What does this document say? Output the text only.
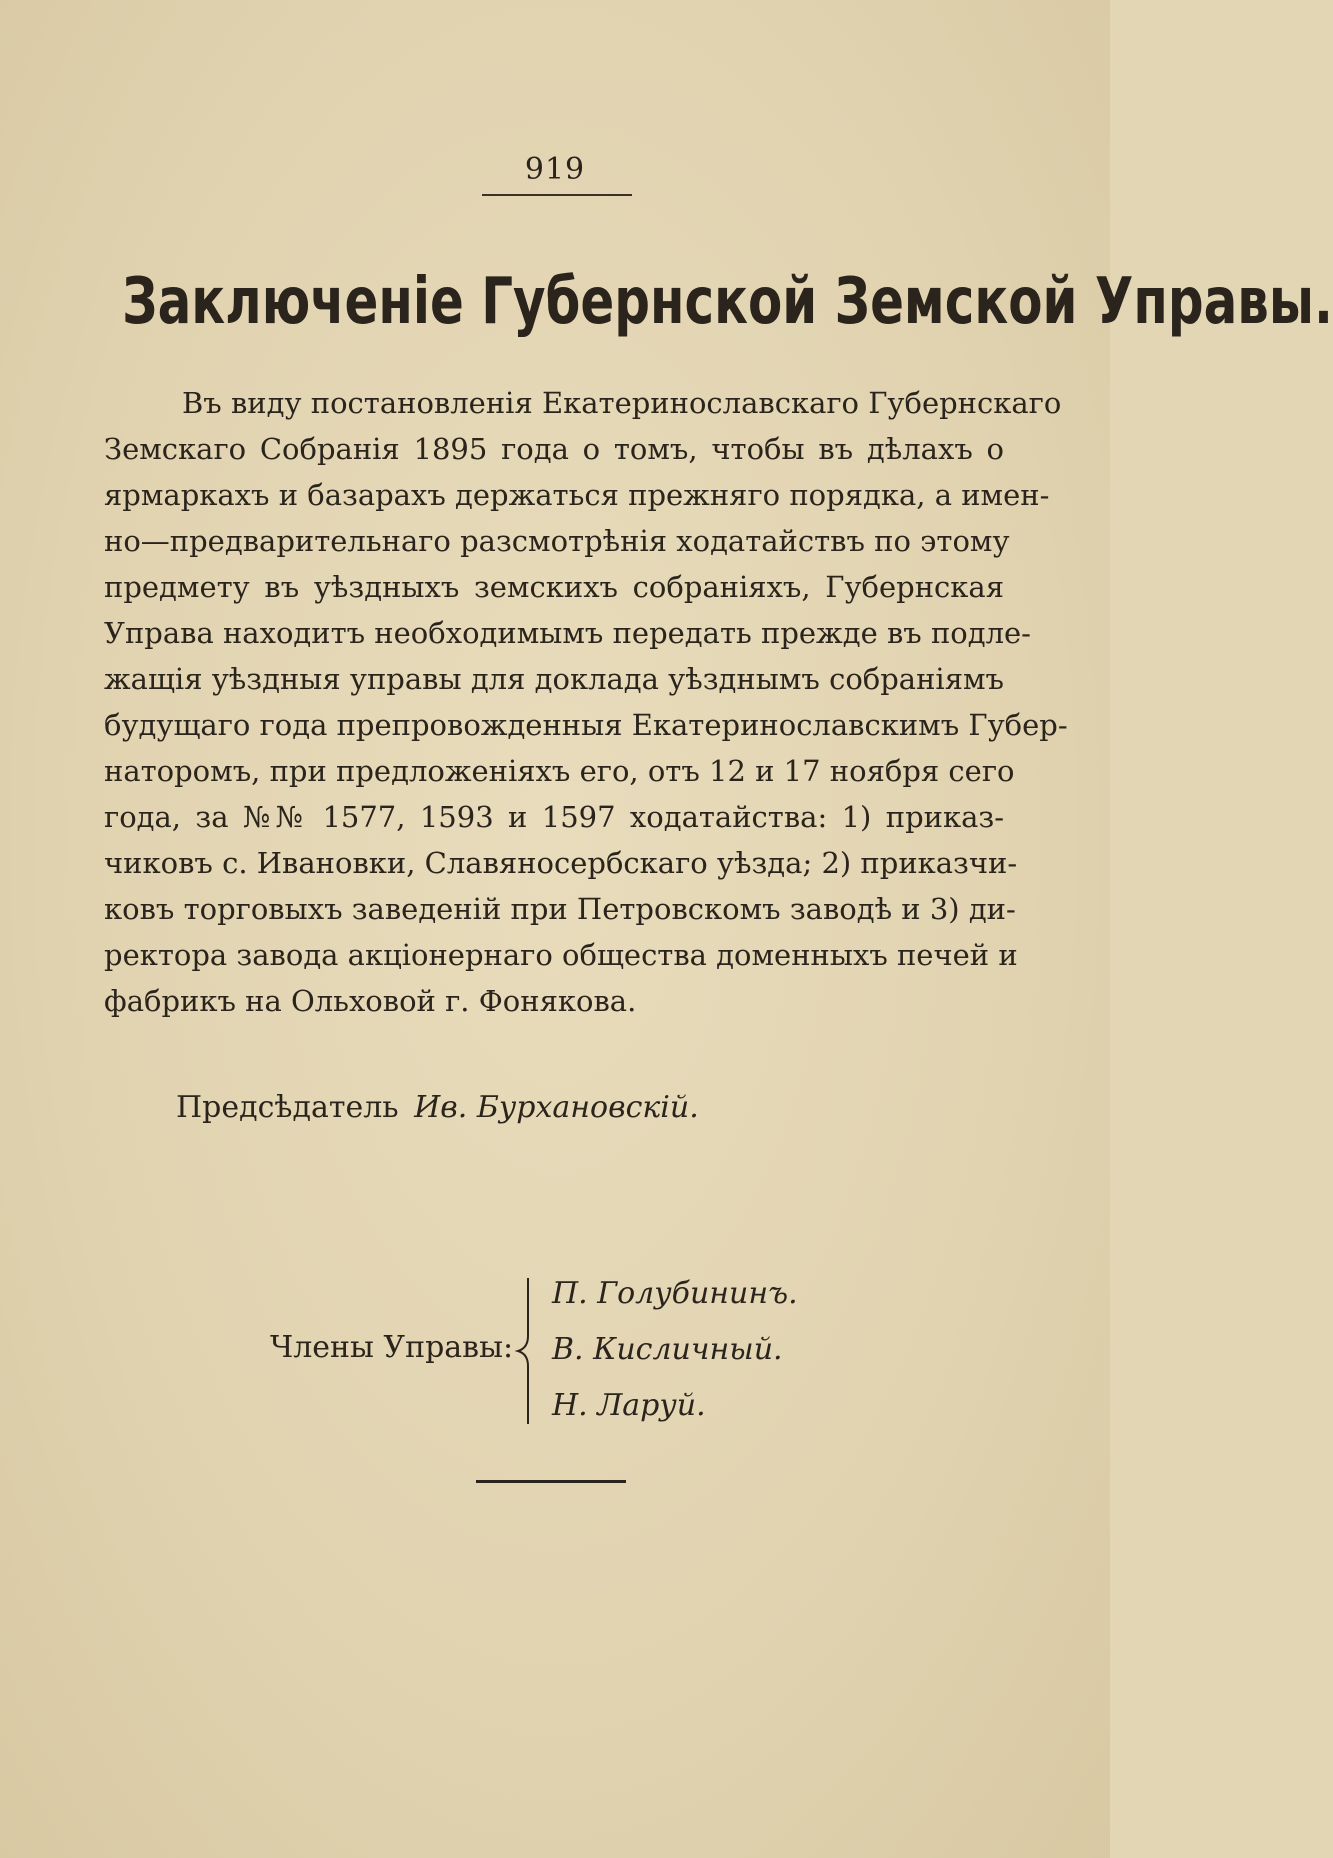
919
Заключеніе Губернской Земской Управы.
Въ виду постановленія Екатеринославскаго Губернскаго
Земскаго Собранія 1895 года о томъ, чтобы въ дѣлахъ о
ярмаркахъ и базарахъ держаться прежняго порядка, а имен-
но—предварительнаго разсмотрѣнія ходатайствъ по этому
предмету въ уѣздныхъ земскихъ собраніяхъ, Губернская
Управа находитъ необходимымъ передать прежде въ подле-
жащія уѣздныя управы для доклада уѣзднымъ собраніямъ
будущаго года препровожденныя Екатеринославскимъ Губер-
наторомъ, при предложеніяхъ его, отъ 12 и 17 ноября сего
года, за №№ 1577, 1593 и 1597 ходатайства: 1) приказ-
чиковъ с. Ивановки, Славяносербскаго уѣзда; 2) приказчи-
ковъ торговыхъ заведеній при Петровскомъ заводѣ и 3) ди-
ректора завода акціонернаго общества доменныхъ печей и
фабрикъ на Ольховой г. Фонякова.
Предсѣдатель Ив. Бурхановскій.
Члены Управы:
П. Голубининъ.
В. Кисличный.
Н. Ларуй.
